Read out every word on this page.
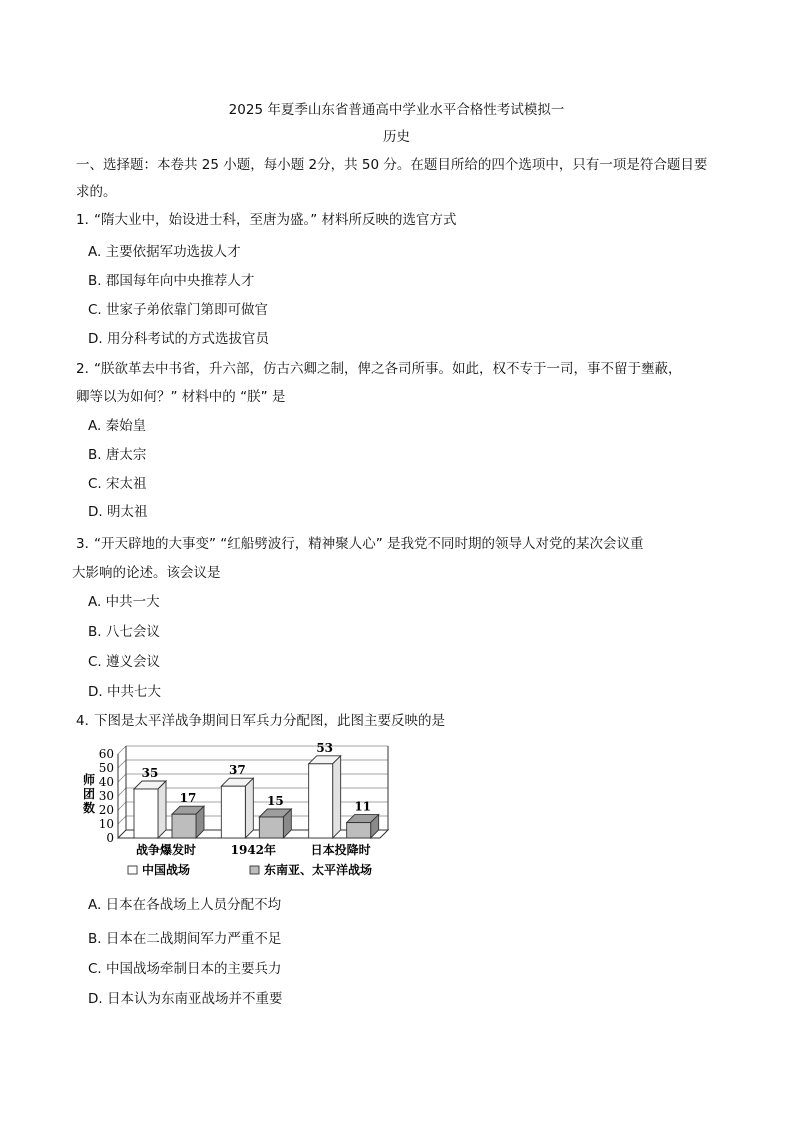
2025 年夏季山东省普通高中学业水平合格性考试模拟一
历史
一、选择题：本卷共 25 小题，每小题 2分，共 50 分。在题目所给的四个选项中，只有一项是符合题目要
求的。
1．“隋大业中，始设进士科，至唐为盛。” 材料所反映的选官方式
A. 主要依据军功选拔人才
B. 郡国每年向中央推荐人才
C. 世家子弟依靠门第即可做官
D. 用分科考试的方式选拔官员
2．“朕欲革去中书省，升六部，仿古六卿之制，俾之各司所事。如此，权不专于一司，事不留于壅蔽，
卿等以为如何？” 材料中的 “朕” 是
A. 秦始皇
B. 唐太宗
C. 宋太祖
D. 明太祖
3．“开天辟地的大事变” “红船劈波行，精神聚人心” 是我党不同时期的领导人对党的某次会议重
大影响的论述。该会议是
A. 中共一大
B. 八七会议
C. 遵义会议
D. 中共七大
4．下图是太平洋战争期间日军兵力分配图，此图主要反映的是
0
10
20
30
40
50
60
师
团
数
35
17
战争爆发时
37
15
1942年
53
11
日本投降时
中国战场	东南亚、太平洋战场
A. 日本在各战场上人员分配不均
B. 日本在二战期间军力严重不足
C. 中国战场牵制日本的主要兵力
D. 日本认为东南亚战场并不重要
